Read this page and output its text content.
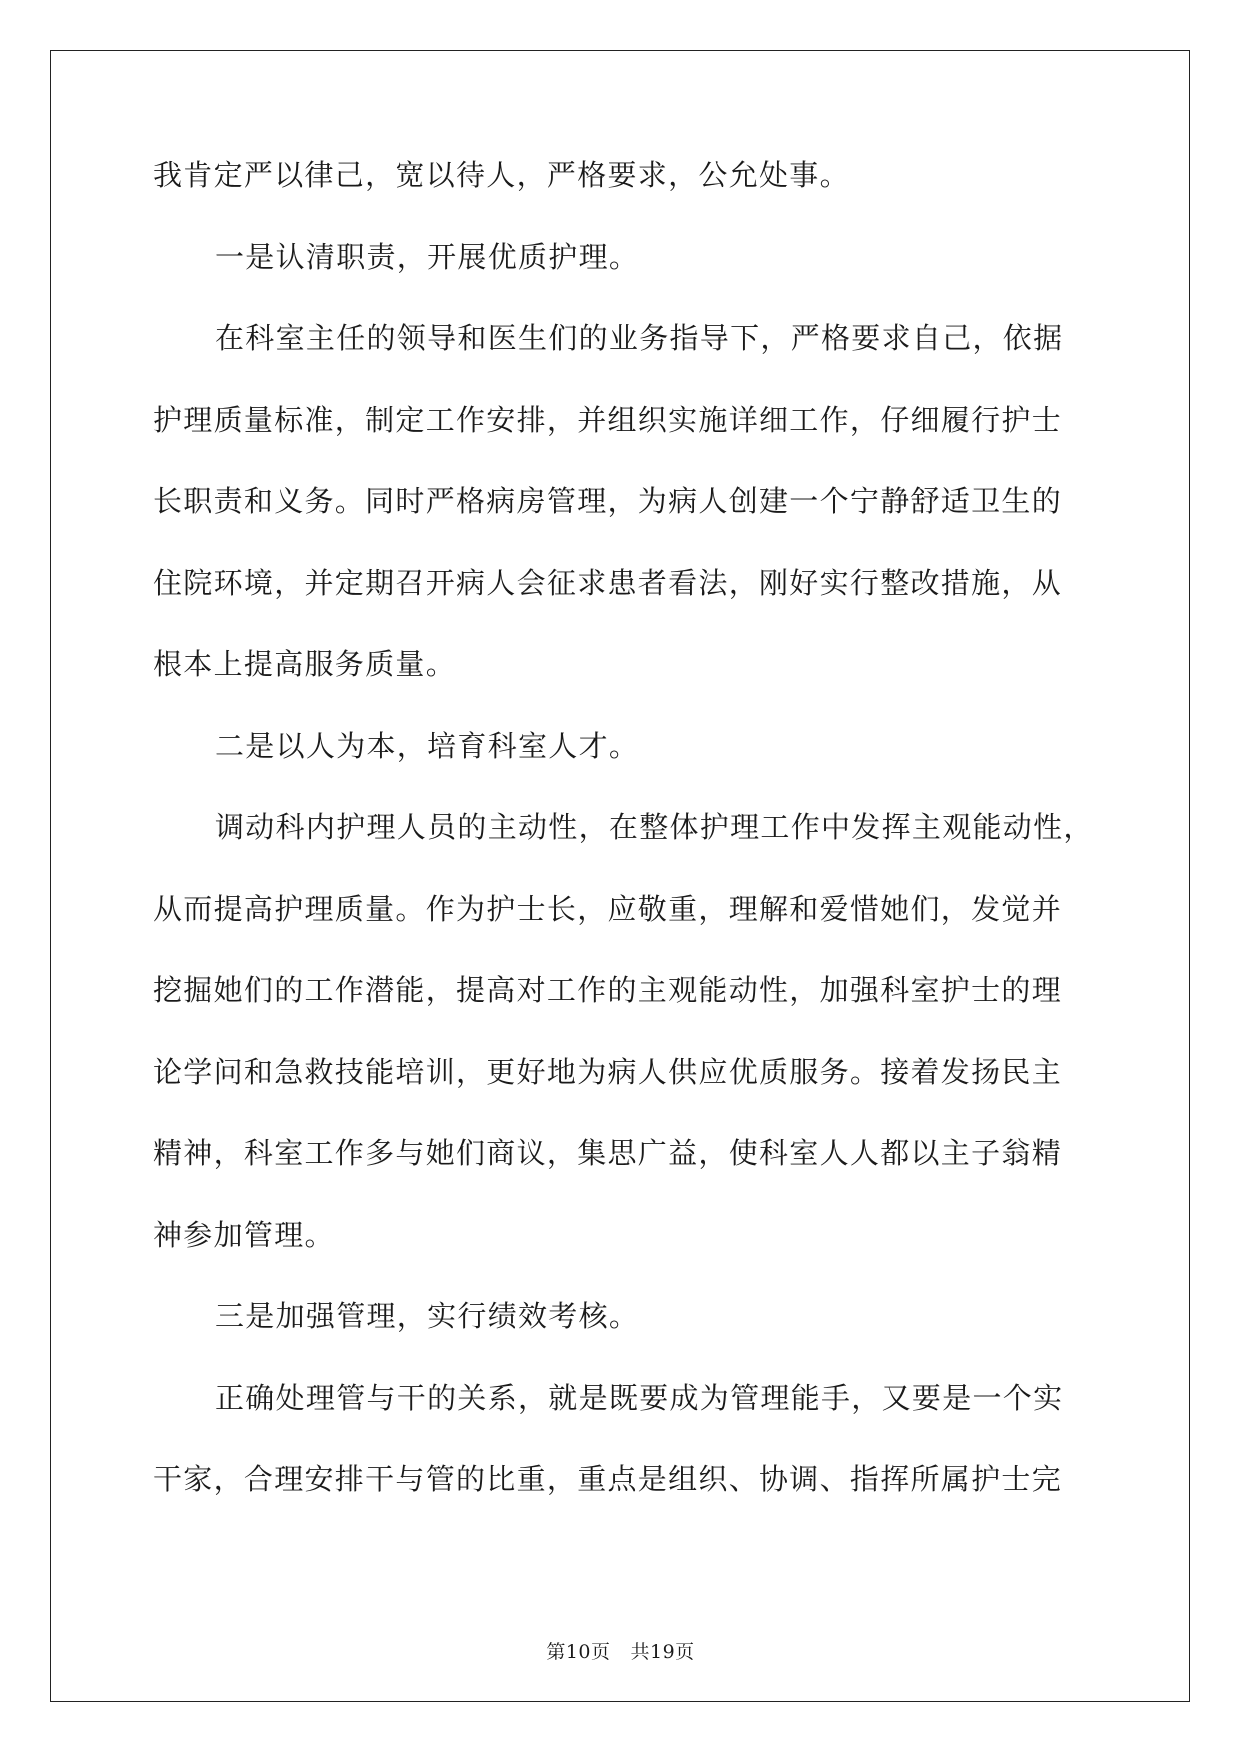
我肯定严以律己，宽以待人，严格要求，公允处事。
一是认清职责，开展优质护理。
在科室主任的领导和医生们的业务指导下，严格要求自己，依据
护理质量标准，制定工作安排，并组织实施详细工作，仔细履行护士
长职责和义务。同时严格病房管理，为病人创建一个宁静舒适卫生的
住院环境，并定期召开病人会征求患者看法，刚好实行整改措施，从
根本上提高服务质量。
二是以人为本，培育科室人才。
调动科内护理人员的主动性，在整体护理工作中发挥主观能动性，
从而提高护理质量。作为护士长，应敬重，理解和爱惜她们，发觉并
挖掘她们的工作潜能，提高对工作的主观能动性，加强科室护士的理
论学问和急救技能培训，更好地为病人供应优质服务。接着发扬民主
精神，科室工作多与她们商议，集思广益，使科室人人都以主子翁精
神参加管理。
三是加强管理，实行绩效考核。
正确处理管与干的关系，就是既要成为管理能手，又要是一个实
干家，合理安排干与管的比重，重点是组织、协调、指挥所属护士完
第10页 共19页
